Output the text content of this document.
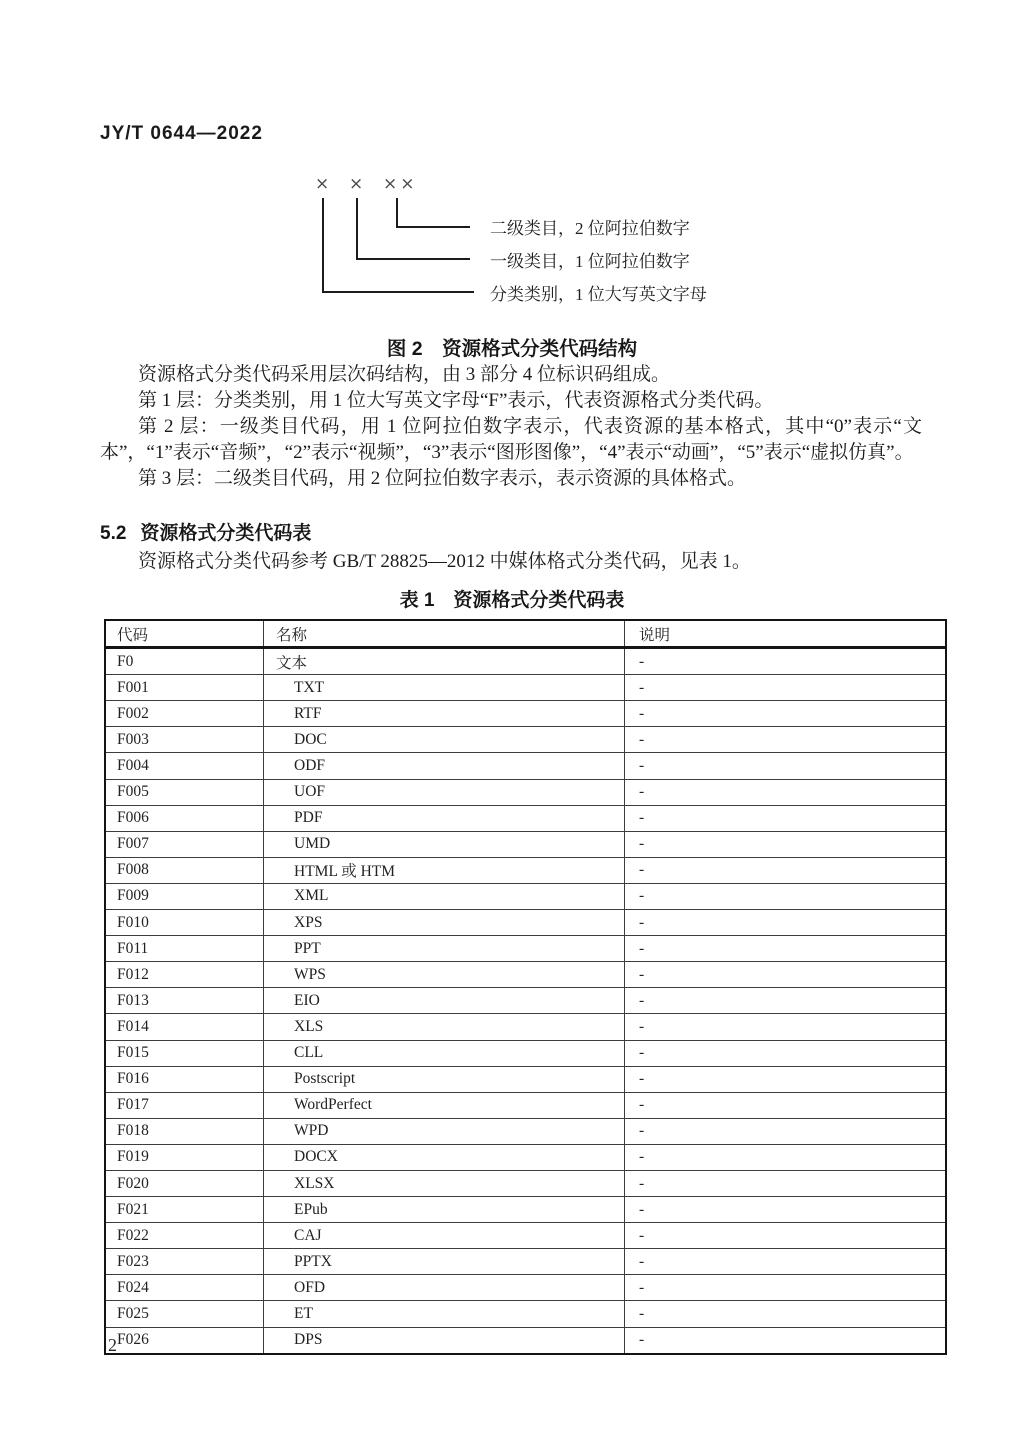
JY/T 0644—2022
× × ××
二级类目，2 位阿拉伯数字
一级类目，1 位阿拉伯数字
分类类别，1 位大写英文字母
图 2　资源格式分类代码结构

资源格式分类代码采用层次码结构，由 3 部分 4 位标识码组成。

第 1 层：分类类别，用 1 位大写英文字母“F”表示，代表资源格式分类代码。

第 2 层：一级类目代码，用 1 位阿拉伯数字表示，代表资源的基本格式，其中“0”表示“文本”，“1”表示“音频”，“2”表示“视频”，“3”表示“图形图像”，“4”表示“动画”，“5”表示“虚拟仿真”。

第 3 层：二级类目代码，用 2 位阿拉伯数字表示，表示资源的具体格式。

5.2 资源格式分类代码表

资源格式分类代码参考 GB/T 28825—2012 中媒体格式分类代码，见表 1。

表 1　资源格式分类代码表
代码	名称	说明
F0	文本	-
F001	TXT	-
F002	RTF	-
F003	DOC	-
F004	ODF	-
F005	UOF	-
F006	PDF	-
F007	UMD	-
F008	HTML 或 HTM	-
F009	XML	-
F010	XPS	-
F011	PPT	-
F012	WPS	-
F013	EIO	-
F014	XLS	-
F015	CLL	-
F016	Postscript	-
F017	WordPerfect	-
F018	WPD	-
F019	DOCX	-
F020	XLSX	-
F021	EPub	-
F022	CAJ	-
F023	PPTX	-
F024	OFD	-
F025	ET	-
F026	DPS	-
2
